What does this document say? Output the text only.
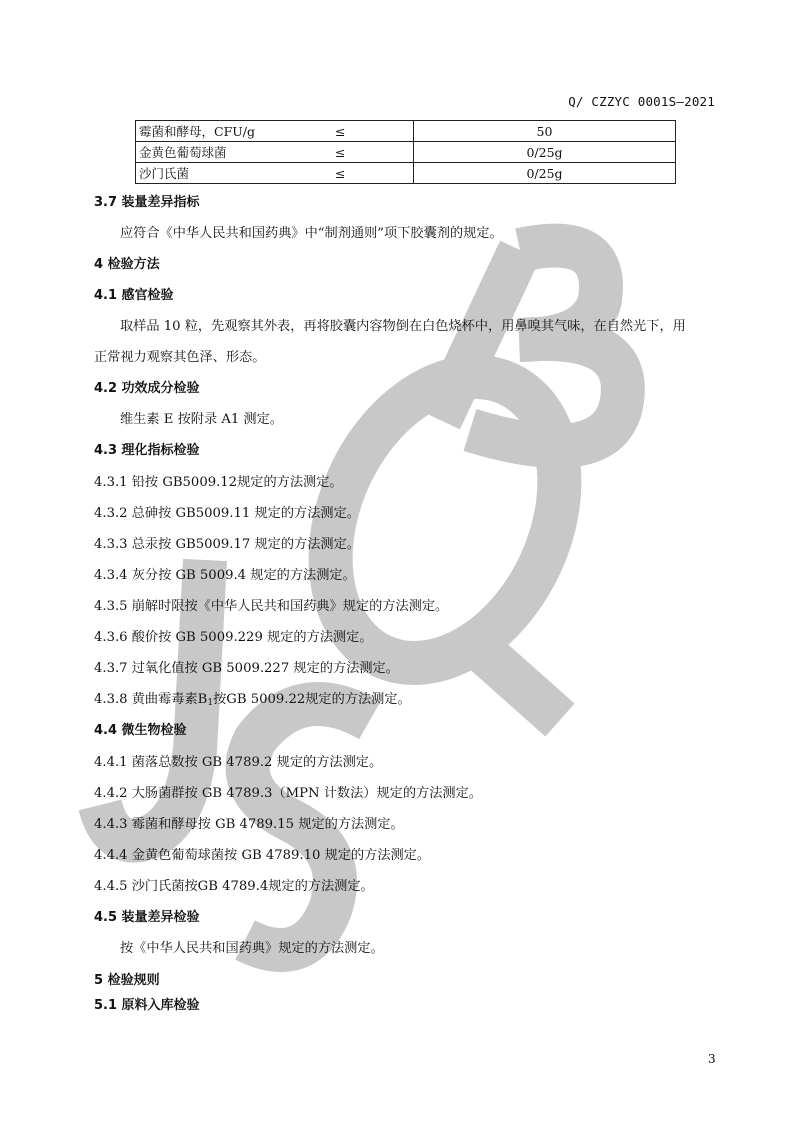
Q/ CZZYC 0001S—2021
霉菌和酵母，CFU/g	≤	50
金黄色葡萄球菌	≤	0/25g
沙门氏菌	≤	0/25g
3.7 装量差异指标
应符合《中华人民共和国药典》中“制剂通则”项下胶囊剂的规定。
4 检验方法
4.1 感官检验
取样品 10 粒，先观察其外表，再将胶囊内容物倒在白色烧杯中，用鼻嗅其气味，在自然光下，用
正常视力观察其色泽、形态。
4.2 功效成分检验
维生素 E 按附录 A1 测定。
4.3 理化指标检验
4.3.1 铅按 GB5009.12规定的方法测定。
4.3.2 总砷按 GB5009.11 规定的方法测定。
4.3.3 总汞按 GB5009.17 规定的方法测定。
4.3.4 灰分按 GB 5009.4 规定的方法测定。
4.3.5 崩解时限按《中华人民共和国药典》规定的方法测定。
4.3.6 酸价按 GB 5009.229 规定的方法测定。
4.3.7 过氧化值按 GB 5009.227 规定的方法测定。
4.3.8 黄曲霉毒素$B_1$按GB 5009.22规定的方法测定。
4.4 微生物检验
4.4.1 菌落总数按 GB 4789.2 规定的方法测定。
4.4.2 大肠菌群按 GB 4789.3（MPN 计数法）规定的方法测定。
4.4.3 霉菌和酵母按 GB 4789.15 规定的方法测定。
4.4.4 金黄色葡萄球菌按 GB 4789.10 规定的方法测定。
4.4.5 沙门氏菌按GB 4789.4规定的方法测定。
4.5 装量差异检验
按《中华人民共和国药典》规定的方法测定。
5 检验规则
5.1 原料入库检验
3
